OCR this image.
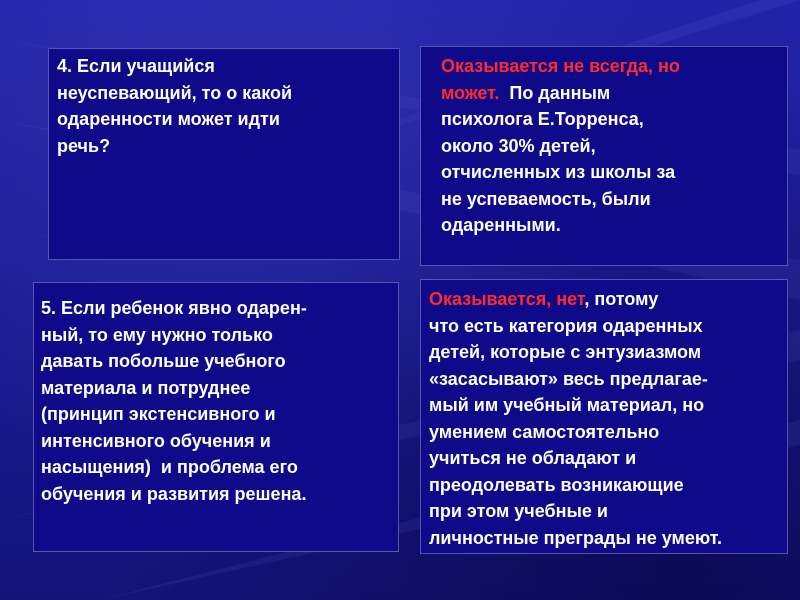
4. Если учащийся
неуспевающий, то о какой
одаренности может идти
речь?
Оказывается не всегда, но
может.  По данным
психолога Е.Торренса,
около 30% детей,
отчисленных из школы за
не успеваемость, были
одаренными.
5. Если ребенок явно одарен-
ный, то ему нужно только
давать побольше учебного
материала и потруднее
(принцип экстенсивного и
интенсивного обучения и
насыщения)  и проблема его
обучения и развития решена.
Оказывается, нет, потому
что есть категория одаренных
детей, которые с энтузиазмом
«засасывают» весь предлагае-
мый им учебный материал, но
умением самостоятельно
учиться не обладают и
преодолевать возникающие
при этом учебные и
личностные преграды не умеют.
